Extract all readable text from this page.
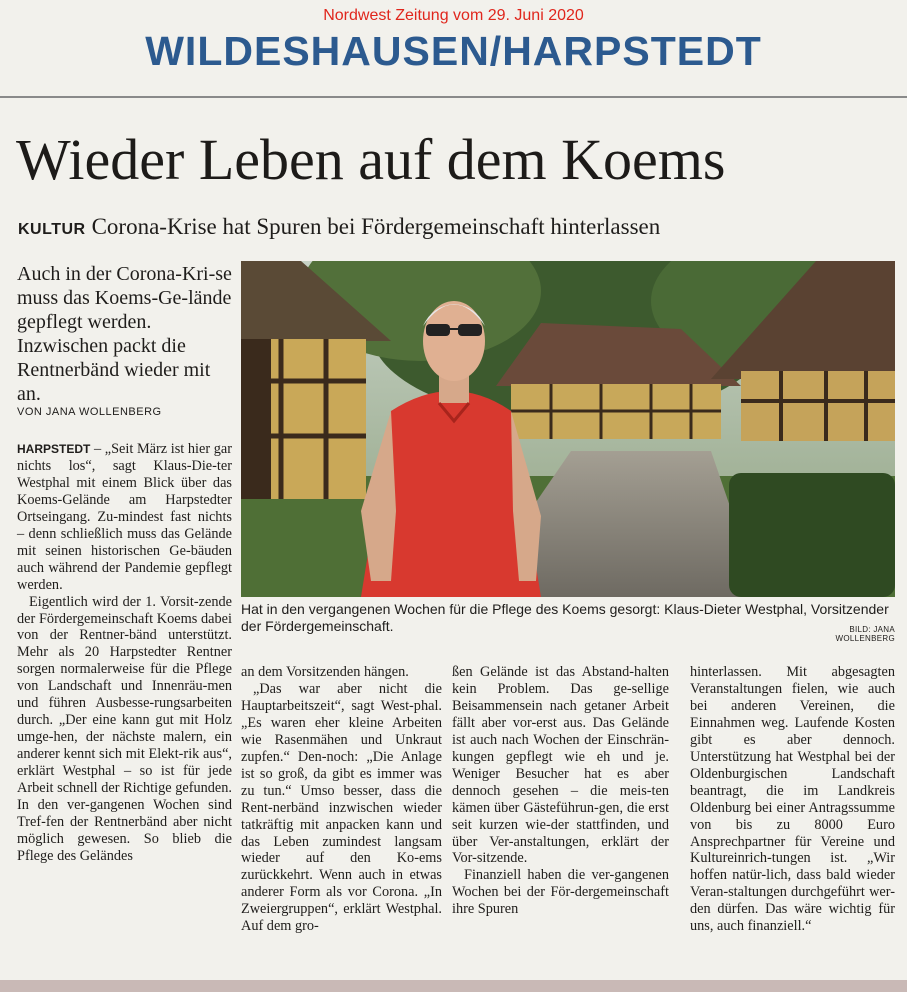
Nordwest Zeitung vom 29. Juni 2020
WILDESHAUSEN/HARPSTEDT
Wieder Leben auf dem Koems
KULTUR Corona-Krise hat Spuren bei Fördergemeinschaft hinterlassen
Auch in der Corona-Kri-se muss das Koems-Ge-lände gepflegt werden. Inzwischen packt die Rentnerbänd wieder mit an.
VON JANA WOLLENBERG

HARPSTEDT – „Seit März ist hier gar nichts los“, sagt Klaus-Die-ter Westphal mit einem Blick über das Koems-Gelände am Harpstedter Ortseingang. Zu-mindest fast nichts – denn schließlich muss das Gelände mit seinen historischen Ge-bäuden auch während der Pandemie gepflegt werden.

Eigentlich wird der 1. Vorsit-zende der Fördergemeinschaft Koems dabei von der Rentner-bänd unterstützt. Mehr als 20 Harpstedter Rentner sorgen normalerweise für die Pflege von Landschaft und Innenräu-men und führen Ausbesse-rungsarbeiten durch. „Der eine kann gut mit Holz umge-hen, der nächste malern, ein anderer kennt sich mit Elekt-rik aus“, erklärt Westphal – so ist für jede Arbeit schnell der Richtige gefunden. In den ver-gangenen Wochen sind Tref-fen der Rentnerbänd aber nicht möglich gewesen. So blieb die Pflege des Geländes

Hat in den vergangenen Wochen für die Pflege des Koems gesorgt: Klaus-Dieter Westphal, Vorsitzender der Fördergemeinschaft.	BILD: JANA WOLLENBERG

an dem Vorsitzenden hängen.

„Das war aber nicht die Hauptarbeitszeit“, sagt West-phal. „Es waren eher kleine Arbeiten wie Rasenmähen und Unkraut zupfen.“ Den-noch: „Die Anlage ist so groß, da gibt es immer was zu tun.“ Umso besser, dass die Rent-nerbänd inzwischen wieder tatkräftig mit anpacken kann und das Leben zumindest langsam wieder auf den Ko-ems zurückkehrt. Wenn auch in etwas anderer Form als vor Corona. „In Zweiergruppen“, erklärt Westphal. Auf dem gro-

ßen Gelände ist das Abstand-halten kein Problem. Das ge-sellige Beisammensein nach getaner Arbeit fällt aber vor-erst aus. Das Gelände ist auch nach Wochen der Einschrän-kungen gepflegt wie eh und je. Weniger Besucher hat es aber dennoch gesehen – die meis-ten kämen über Gästeführun-gen, die erst seit kurzen wie-der stattfinden, und über Ver-anstaltungen, erklärt der Vor-sitzende.

Finanziell haben die ver-gangenen Wochen bei der För-dergemeinschaft ihre Spuren

hinterlassen. Mit abgesagten Veranstaltungen fielen, wie auch bei anderen Vereinen, die Einnahmen weg. Laufende Kosten gibt es aber dennoch. Unterstützung hat Westphal bei der Oldenburgischen Landschaft beantragt, die im Landkreis Oldenburg bei einer Antragssumme von bis zu 8000 Euro Ansprechpartner für Vereine und Kultureinrich-tungen ist. „Wir hoffen natür-lich, dass bald wieder Veran-staltungen durchgeführt wer-den dürfen. Das wäre wichtig für uns, auch finanziell.“
